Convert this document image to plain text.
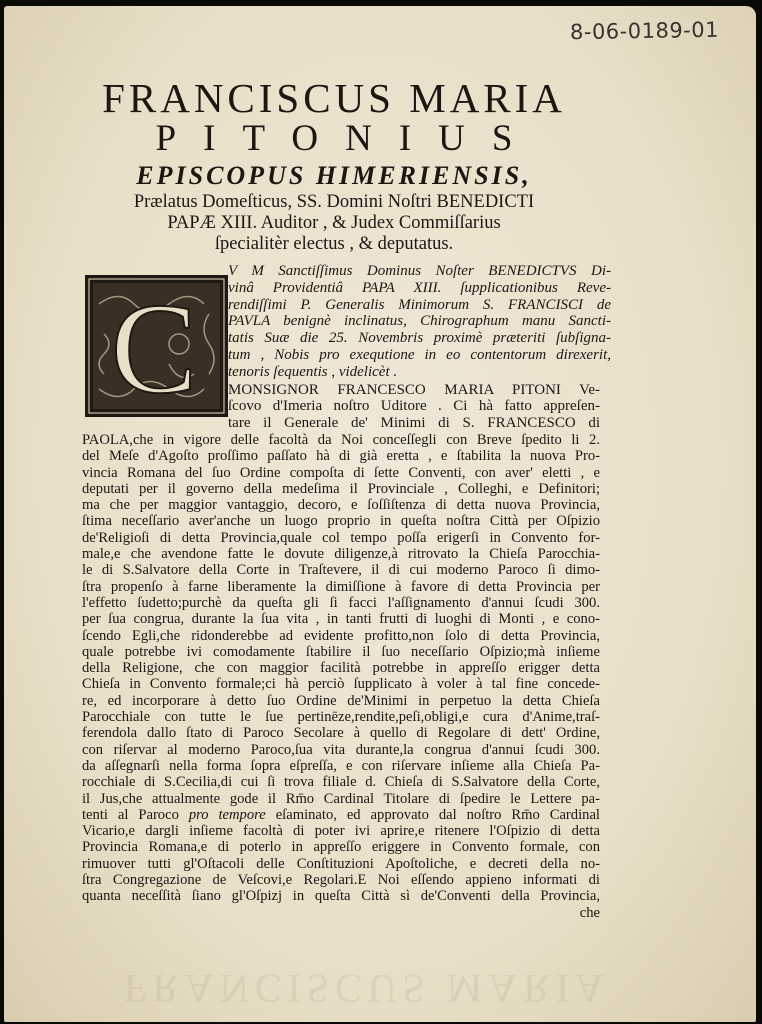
8-06-0189-01
FRANCISCUS MARIA
PITONIUS
EPISCOPUS HIMERIENSIS,
Prælatus Domeſticus, SS. Domini Noſtri BENEDICTI
PAPÆ XIII. Auditor , & Judex Commiſſarius
ſpecialitèr electus , & deputatus.
C
V M Sanctiſſimus Dominus Noſter BENEDICTVS Di-
vinâ Providentiâ PAPA XIII. ſupplicationibus Reve-
rendiſſimi P. Generalis Minimorum S. FRANCISCI de
PAVLA benignè inclinatus, Chirographum manu Sancti-
tatis Suæ die 25. Novembris proximè præteriti ſubſigna-
tum , Nobis pro exequtione in eo contentorum direxerit,
tenoris ſequentis , videlicèt .
MONSIGNOR FRANCESCO MARIA PITONI Ve-
ſcovo d'Imeria noſtro Uditore . Ci hà fatto appreſen-
tare il Generale de' Minimi di S. FRANCESCO di
PAOLA,che in vigore delle facoltà da Noi conceſſegli con Breve ſpedito li 2.
del Meſe d'Agoſto proſſimo paſſato hà di già eretta , e ſtabilita la nuova Pro-
vincia Romana del ſuo Ordine compoſta di ſette Conventi, con aver' eletti , e
deputati per il governo della medeſima il Provinciale , Colleghi, e Definitori;
ma che per maggior vantaggio, decoro, e ſoſſiſtenza di detta nuova Provincia,
ſtima neceſſario aver'anche un luogo proprio in queſta noſtra Città per Oſpizio
de'Religioſi di detta Provincia,quale col tempo poſſa erigerſi in Convento for-
male,e che avendone fatte le dovute diligenze,à ritrovato la Chieſa Parocchia-
le di S.Salvatore della Corte in Traſtevere, il di cui moderno Paroco ſi dimo-
ſtra propenſo à farne liberamente la dimiſſione à favore di detta Provincia per
l'effetto ſudetto;purchè da queſta gli ſi facci l'aſſignamento d'annui ſcudi 300.
per ſua congrua, durante la ſua vita , in tanti frutti di luoghi di Monti , e cono-
ſcendo Egli,che ridonderebbe ad evidente profitto,non ſolo di detta Provincia,
quale potrebbe ivi comodamente ſtabilire il ſuo neceſſario Oſpizio;mà inſieme
della Religione, che con maggior facilità potrebbe in appreſſo erigger detta
Chieſa in Convento formale;ci hà perciò ſupplicato à voler à tal fine concede-
re, ed incorporare à detto ſuo Ordine de'Minimi in perpetuo la detta Chieſa
Parocchiale con tutte le ſue pertinēze,rendite,peſi,obligi,e cura d'Anime,traſ-
ferendola dallo ſtato di Paroco Secolare à quello di Regolare di dett' Ordine,
con riſervar al moderno Paroco,ſua vita durante,la congrua d'annui ſcudi 300.
da aſſegnarſi nella forma ſopra eſpreſſa, e con riſervare inſieme alla Chieſa Pa-
rocchiale di S.Cecilia,di cui ſi trova filiale d. Chieſa di S.Salvatore della Corte,
il Jus,che attualmente gode il Rm̄o Cardinal Titolare di ſpedire le Lettere pa-
tenti al Paroco pro tempore eſaminato, ed approvato dal noſtro Rm̄o Cardinal
Vicario,e dargli inſieme facoltà di poter ivi aprire,e ritenere l'Oſpizio di detta
Provincia Romana,e di poterlo in appreſſo eriggere in Convento formale, con
rimuover tutti gl'Oſtacoli delle Conſtituzioni Apoſtoliche, e decreti della no-
ſtra Congregazione de Veſcovi,e Regolari.E Noi eſſendo appieno informati di
quanta neceſſità ſiano gl'Oſpizj in queſta Città sì de'Conventi della Provincia,
che
FRANCISCUS MARIA
